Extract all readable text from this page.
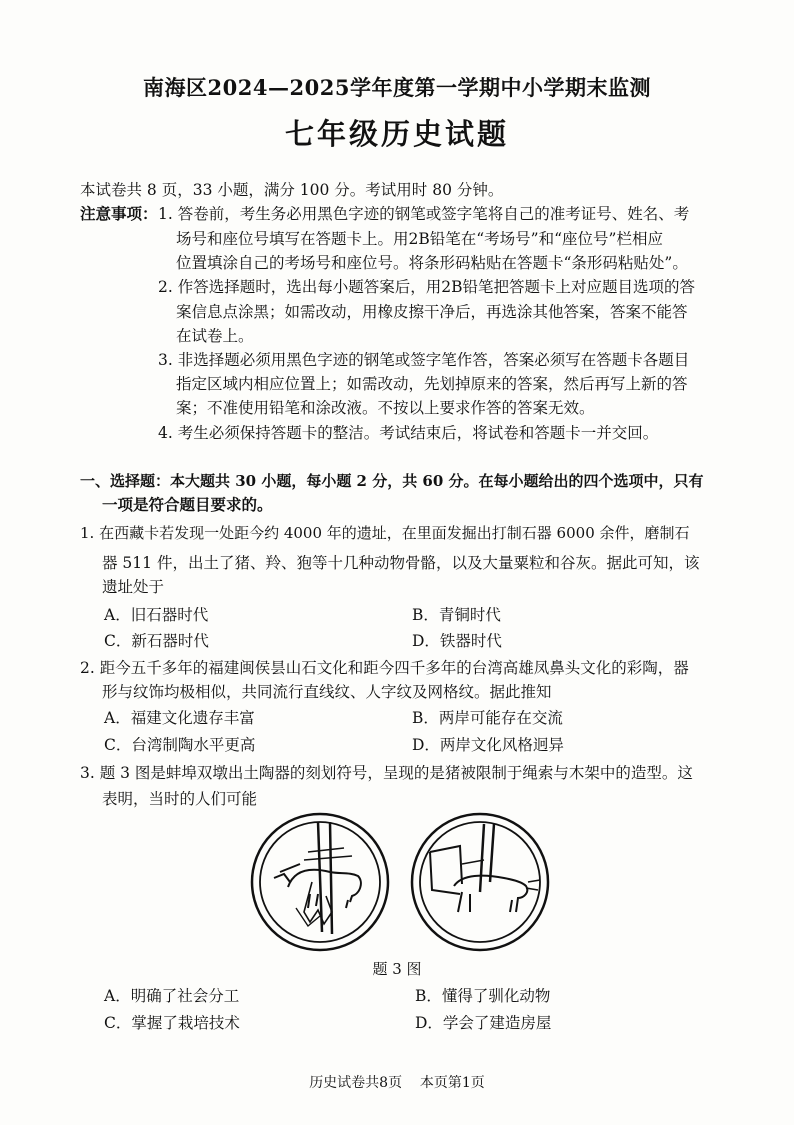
南海区2024—2025学年度第一学期中小学期末监测
七年级历史试题
本试卷共 8 页，33 小题，满分 100 分。考试用时 80 分钟。
注意事项： 1. 答卷前，考生务必用黑色字迹的钢笔或签字笔将自己的准考证号、姓名、考
场号和座位号填写在答题卡上。用2B铅笔在“考场号”和“座位号”栏相应
位置填涂自己的考场号和座位号。将条形码粘贴在答题卡“条形码粘贴处”。
2. 作答选择题时，选出每小题答案后，用2B铅笔把答题卡上对应题目选项的答
案信息点涂黑；如需改动，用橡皮擦干净后，再选涂其他答案，答案不能答
在试卷上。
3. 非选择题必须用黑色字迹的钢笔或签字笔作答，答案必须写在答题卡各题目
指定区域内相应位置上；如需改动，先划掉原来的答案，然后再写上新的答
案；不准使用铅笔和涂改液。不按以上要求作答的答案无效。
4. 考生必须保持答题卡的整洁。考试结束后，将试卷和答题卡一并交回。
一、选择题：本大题共 30 小题，每小题 2 分，共 60 分。在每小题给出的四个选项中，只有
一项是符合题目要求的。
1. 在西藏卡若发现一处距今约 4000 年的遗址，在里面发掘出打制石器 6000 余件，磨制石
器 511 件，出土了猪、羚、狍等十几种动物骨骼，以及大量粟粒和谷灰。据此可知，该
遗址处于
A．旧石器时代	B．青铜时代
C．新石器时代	D．铁器时代
2. 距今五千多年的福建闽侯昙山石文化和距今四千多年的台湾高雄凤鼻头文化的彩陶，器
形与纹饰均极相似，共同流行直线纹、人字纹及网格纹。据此推知
A．福建文化遗存丰富	B．两岸可能存在交流
C．台湾制陶水平更高	D．两岸文化风格迥异
3. 题 3 图是蚌埠双墩出土陶器的刻划符号，呈现的是猪被限制于绳索与木架中的造型。这
表明，当时的人们可能
题 3 图
A．明确了社会分工	B．懂得了驯化动物
C．掌握了栽培技术	D．学会了建造房屋
历史试卷共8页    本页第1页
